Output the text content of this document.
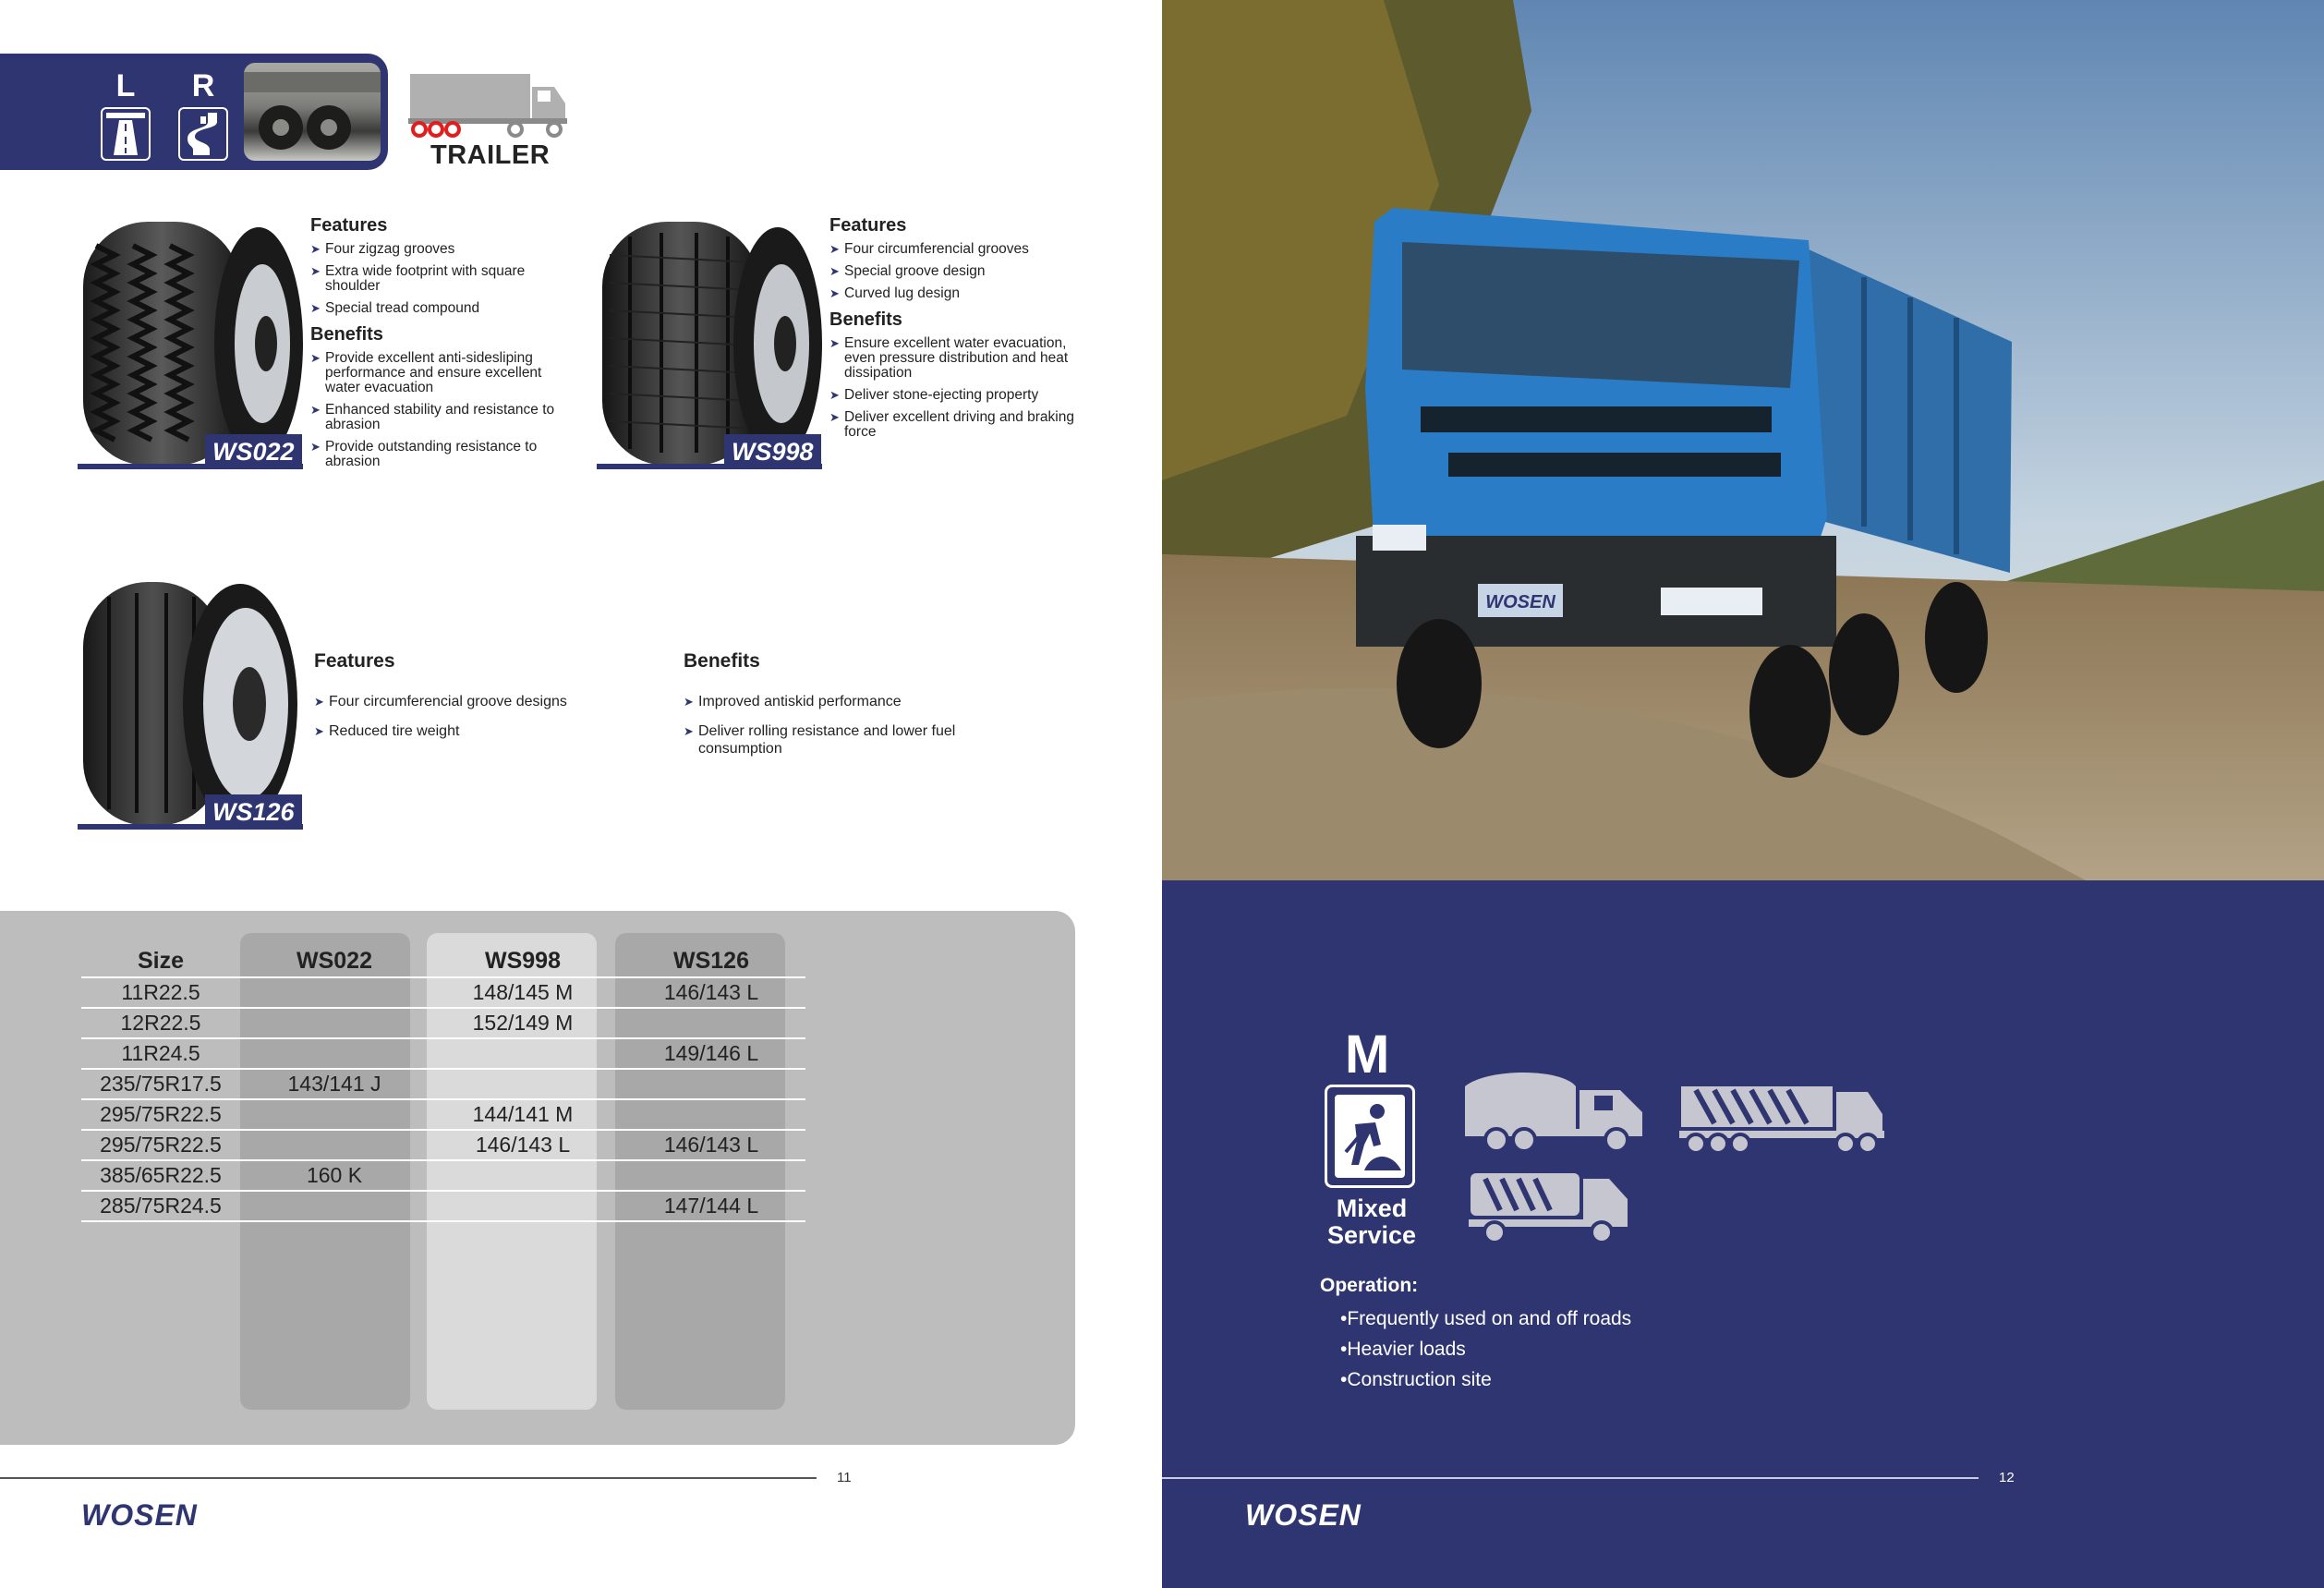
L	R
TRAILER
WS022
Features
➤ Four zigzag grooves
➤ Extra wide footprint with square shoulder
➤ Special tread compound
Benefits
➤ Provide excellent anti-sidesliping performance and ensure excellent water evacuation
➤ Enhanced stability and resistance to abrasion
➤ Provide outstanding resistance to abrasion	WS998
Features
➤ Four circumferencial grooves
➤ Special groove design
➤ Curved lug design
Benefits
➤ Ensure excellent water evacuation, even pressure distribution and heat dissipation
➤ Deliver stone-ejecting property
➤ Deliver excellent driving and braking force
WS126
Features
➤ Four circumferencial groove designs
➤ Reduced tire weight
Benefits
➤ Improved antiskid performance
➤ Deliver rolling resistance and lower fuel consumption
Size	WS022	WS998	WS126
11R22.5		148/145 M	146/143 L
12R22.5		152/149 M	
11R24.5			149/146 L
235/75R17.5	143/141 J		
295/75R22.5		144/141 M	
295/75R22.5		146/143 L	146/143 L
385/65R22.5	160 K		
285/75R24.5			147/144 L
11
WOSEN
WOSEN
12
WOSEN
M
Mixed
Service
Operation:
•Frequently used on and off roads
•Heavier loads
•Construction site
